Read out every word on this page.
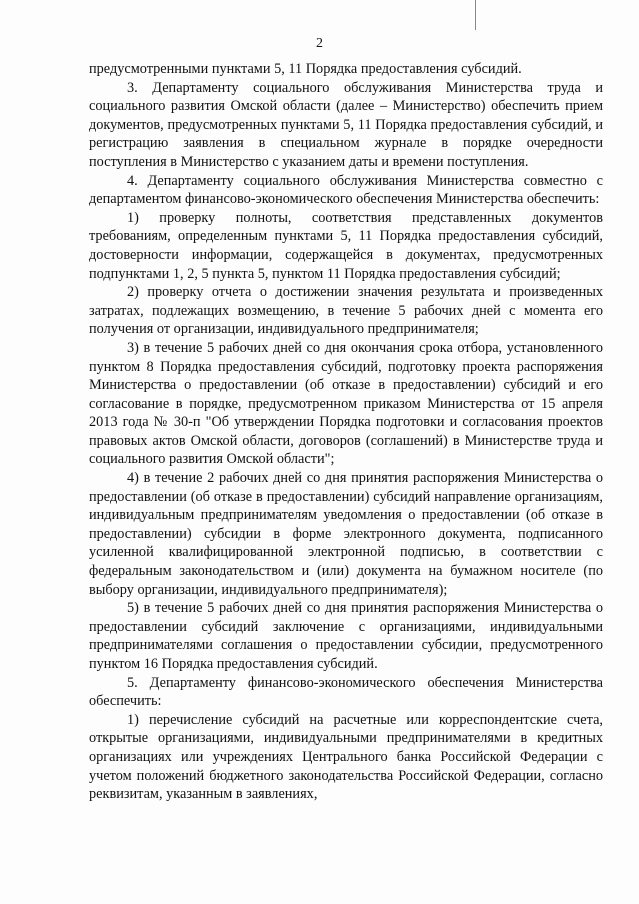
2

предусмотренными пунктами 5, 11 Порядка предоставления субсидий.

3. Департаменту социального обслуживания Министерства труда и социального развития Омской области (далее – Министерство) обеспечить прием документов, предусмотренных пунктами 5, 11 Порядка предоставления субсидий, и регистрацию заявления в специальном журнале в порядке очередности поступления в Министерство с указанием даты и времени поступления.

4. Департаменту социального обслуживания Министерства совместно с департаментом финансово-экономического обеспечения Министерства обеспечить:

1) проверку полноты, соответствия представленных документов требованиям, определенным пунктами 5, 11 Порядка предоставления субсидий, достоверности информации, содержащейся в документах, предусмотренных подпунктами 1, 2, 5 пункта 5, пунктом 11 Порядка предоставления субсидий;

2) проверку отчета о достижении значения результата и произведенных затратах, подлежащих возмещению, в течение 5 рабочих дней с момента его получения от организации, индивидуального предпринимателя;

3) в течение 5 рабочих дней со дня окончания срока отбора, установленного пунктом 8 Порядка предоставления субсидий, подготовку проекта распоряжения Министерства о предоставлении (об отказе в предоставлении) субсидий и его согласование в порядке, предусмотренном приказом Министерства от 15 апреля 2013 года № 30-п "Об утверждении Порядка подготовки и согласования проектов правовых актов Омской области, договоров (соглашений) в Министерстве труда и социального развития Омской области";

4) в течение 2 рабочих дней со дня принятия распоряжения Министерства о предоставлении (об отказе в предоставлении) субсидий направление организациям, индивидуальным предпринимателям уведомления о предоставлении (об отказе в предоставлении) субсидии в форме электронного документа, подписанного усиленной квалифицированной электронной подписью, в соответствии с федеральным законодательством и (или) документа на бумажном носителе (по выбору организации, индивидуального предпринимателя);

5) в течение 5 рабочих дней со дня принятия распоряжения Министерства о предоставлении субсидий заключение с организациями, индивидуальными предпринимателями соглашения о предоставлении субсидии, предусмотренного пунктом 16 Порядка предоставления субсидий.

5. Департаменту финансово-экономического обеспечения Министерства обеспечить:

1) перечисление субсидий на расчетные или корреспондентские счета, открытые организациями, индивидуальными предпринимателями в кредитных организациях или учреждениях Центрального банка Российской Федерации с учетом положений бюджетного законодательства Российской Федерации, согласно реквизитам, указанным в заявлениях,
